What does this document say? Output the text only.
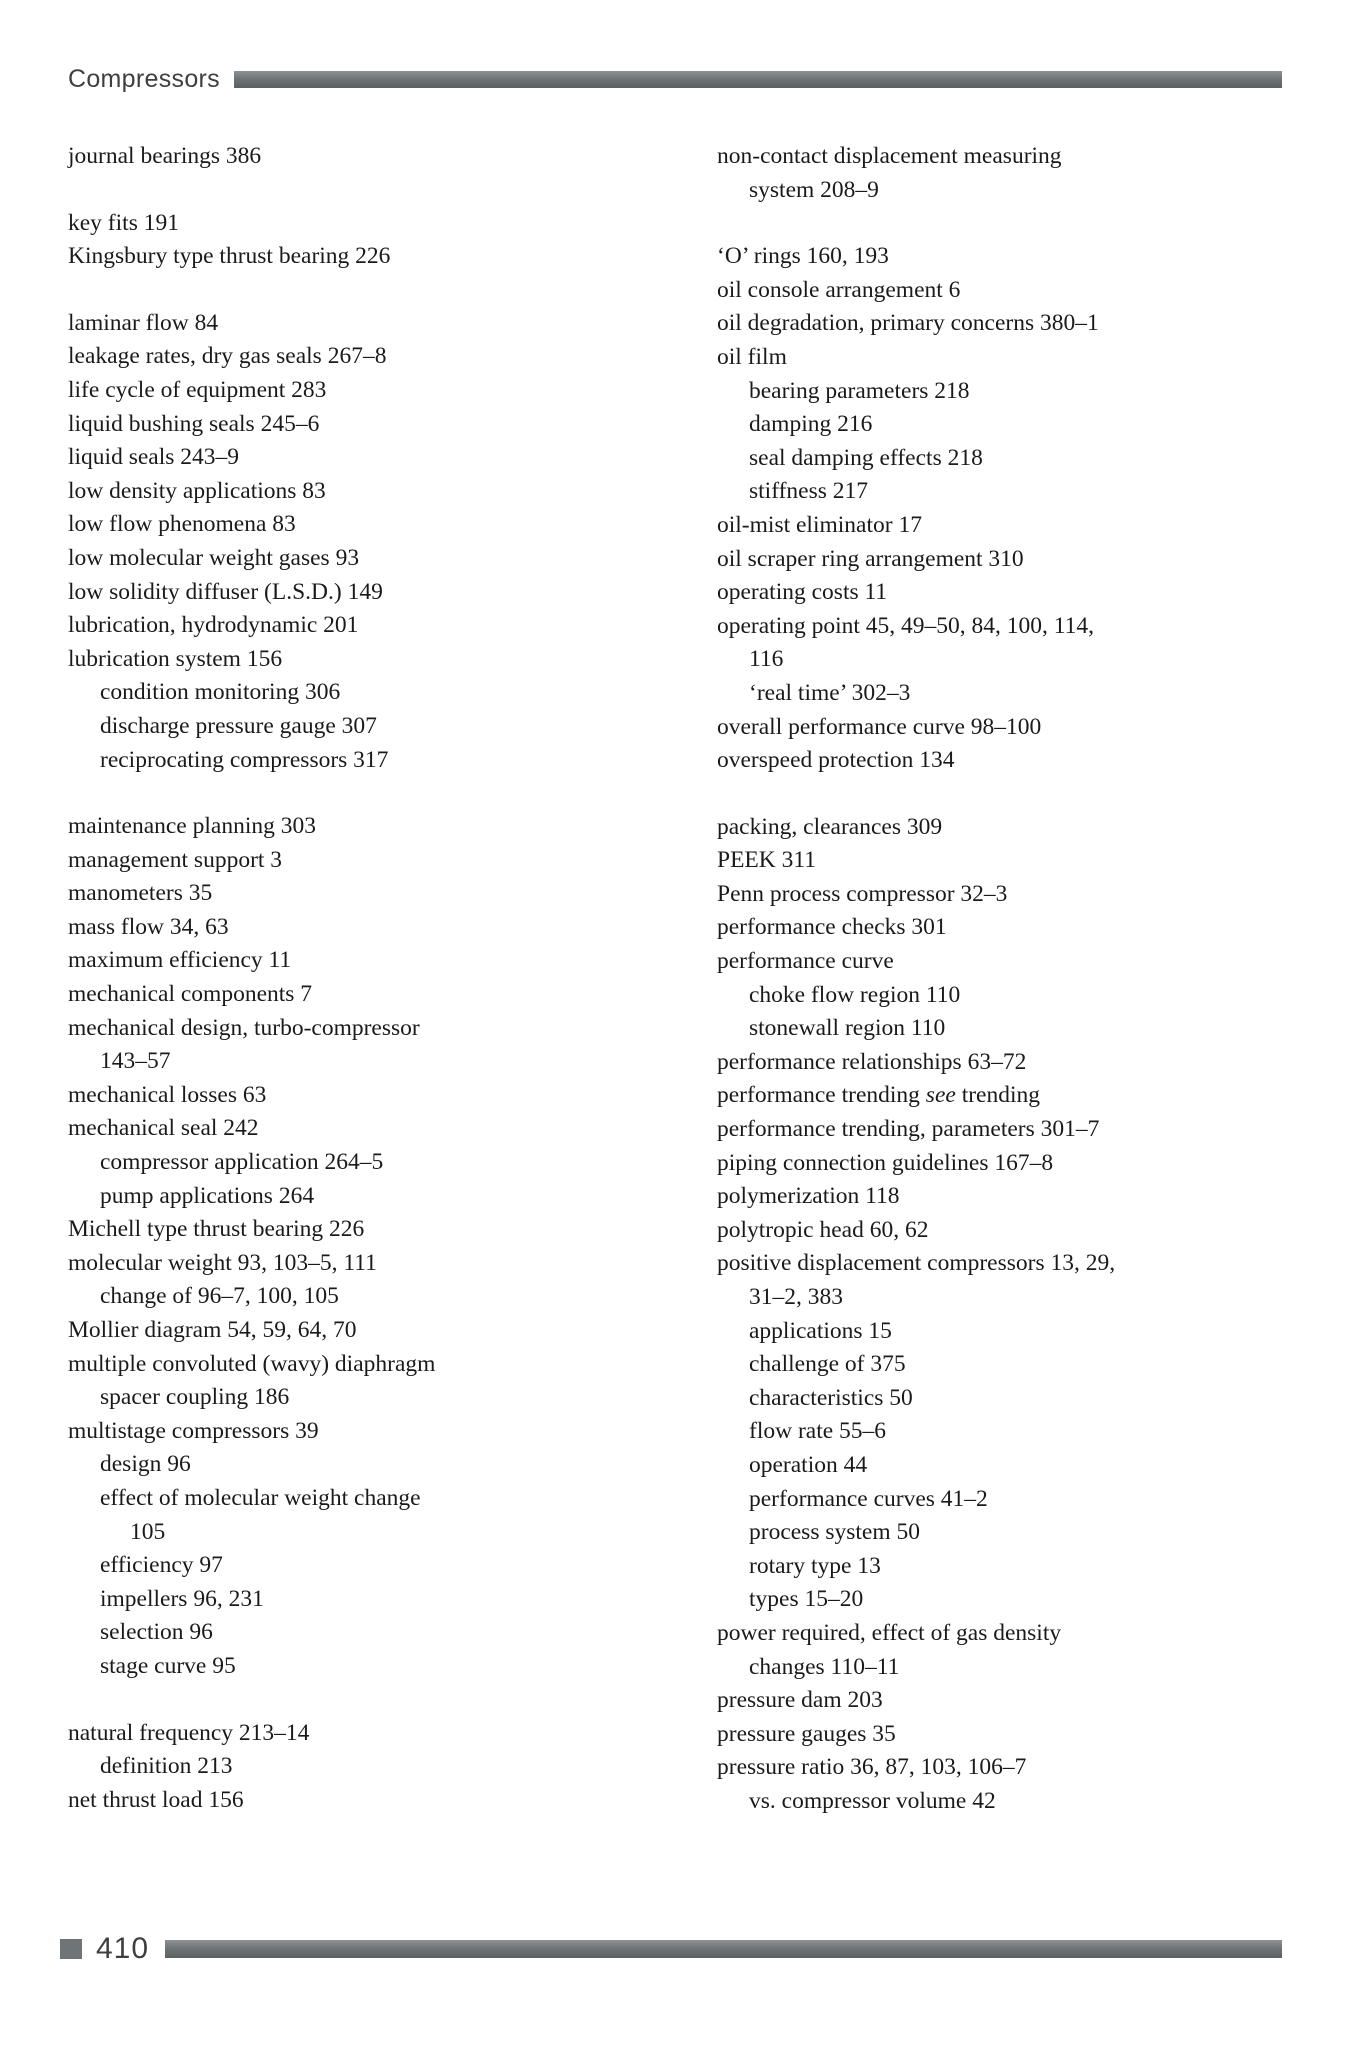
Compressors

journal bearings 386

key fits 191

Kingsbury type thrust bearing 226

laminar flow 84

leakage rates, dry gas seals 267–8

life cycle of equipment 283

liquid bushing seals 245–6

liquid seals 243–9

low density applications 83

low flow phenomena 83

low molecular weight gases 93

low solidity diffuser (L.S.D.) 149

lubrication, hydrodynamic 201

lubrication system 156

condition monitoring 306

discharge pressure gauge 307

reciprocating compressors 317

maintenance planning 303

management support 3

manometers 35

mass flow 34, 63

maximum efficiency 11

mechanical components 7

mechanical design, turbo-compressor

143–57

mechanical losses 63

mechanical seal 242

compressor application 264–5

pump applications 264

Michell type thrust bearing 226

molecular weight 93, 103–5, 111

change of 96–7, 100, 105

Mollier diagram 54, 59, 64, 70

multiple convoluted (wavy) diaphragm

spacer coupling 186

multistage compressors 39

design 96

effect of molecular weight change

105

efficiency 97

impellers 96, 231

selection 96

stage curve 95

natural frequency 213–14

definition 213

net thrust load 156

non-contact displacement measuring

system 208–9

‘O’ rings 160, 193

oil console arrangement 6

oil degradation, primary concerns 380–1

oil film

bearing parameters 218

damping 216

seal damping effects 218

stiffness 217

oil-mist eliminator 17

oil scraper ring arrangement 310

operating costs 11

operating point 45, 49–50, 84, 100, 114,

116

‘real time’ 302–3

overall performance curve 98–100

overspeed protection 134

packing, clearances 309

PEEK 311

Penn process compressor 32–3

performance checks 301

performance curve

choke flow region 110

stonewall region 110

performance relationships 63–72

performance trending see trending

performance trending, parameters 301–7

piping connection guidelines 167–8

polymerization 118

polytropic head 60, 62

positive displacement compressors 13, 29,

31–2, 383

applications 15

challenge of 375

characteristics 50

flow rate 55–6

operation 44

performance curves 41–2

process system 50

rotary type 13

types 15–20

power required, effect of gas density

changes 110–11

pressure dam 203

pressure gauges 35

pressure ratio 36, 87, 103, 106–7

vs. compressor volume 42

410
